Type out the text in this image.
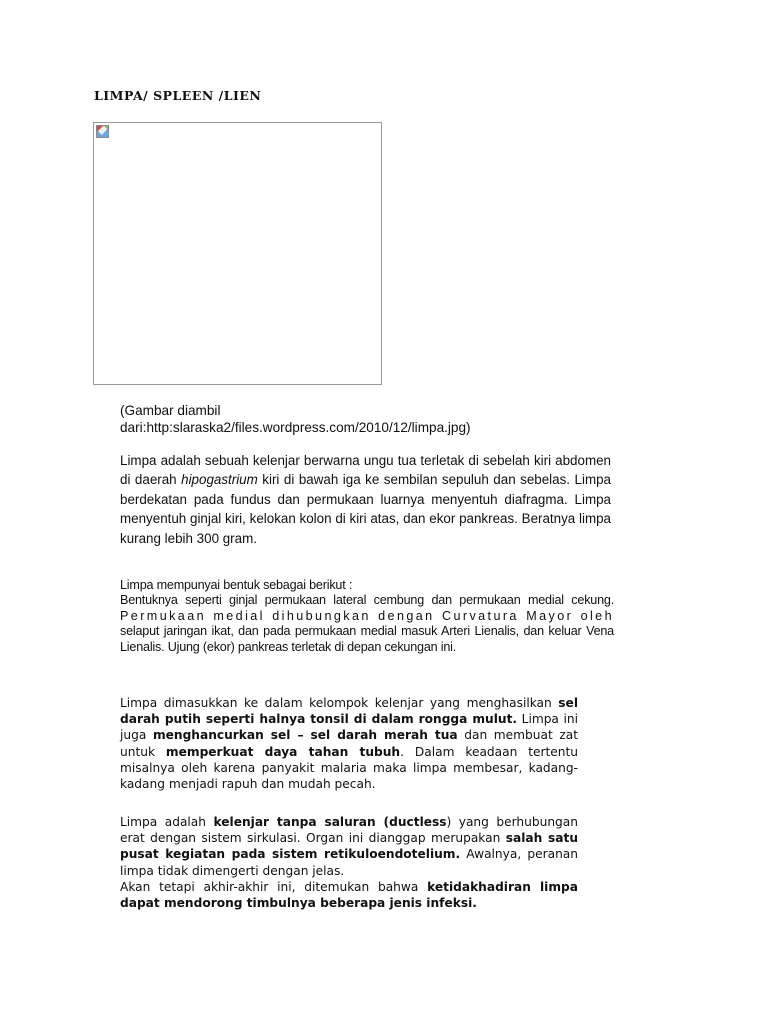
LIMPA/ SPLEEN /LIEN

(Gambar diambil dari:http:slaraska2/files.wordpress.com/2010/12/limpa.jpg)

Limpa adalah sebuah kelenjar berwarna ungu tua terletak di sebelah kiri abdomen di daerah hipogastrium kiri di bawah iga ke sembilan sepuluh dan sebelas. Limpa berdekatan pada fundus dan permukaan luarnya menyentuh diafragma. Limpa menyentuh ginjal kiri, kelokan kolon di kiri atas, dan ekor pankreas. Beratnya limpa kurang lebih 300 gram.

Limpa mempunyai bentuk sebagai berikut :
Bentuknya seperti ginjal permukaan lateral cembung dan permukaan medial cekung. Permukaan medial dihubungkan dengan Curvatura Mayor oleh selaput jaringan ikat, dan pada permukaan medial masuk Arteri Lienalis, dan keluar Vena Lienalis. Ujung (ekor) pankreas terletak di depan cekungan ini.

Limpa dimasukkan ke dalam kelompok kelenjar yang menghasilkan sel darah putih seperti halnya tonsil di dalam rongga mulut. Limpa ini juga menghancurkan sel – sel darah merah tua dan membuat zat untuk memperkuat daya tahan tubuh. Dalam keadaan tertentu misalnya oleh karena panyakit malaria maka limpa membesar, kadang-kadang menjadi rapuh dan mudah pecah.

Limpa adalah kelenjar tanpa saluran (ductless) yang berhubungan erat dengan sistem sirkulasi. Organ ini dianggap merupakan salah satu pusat kegiatan pada sistem retikuloendotelium. Awalnya, peranan limpa tidak dimengerti dengan jelas.
Akan tetapi akhir-akhir ini, ditemukan bahwa ketidakhadiran limpa dapat mendorong timbulnya beberapa jenis infeksi.
